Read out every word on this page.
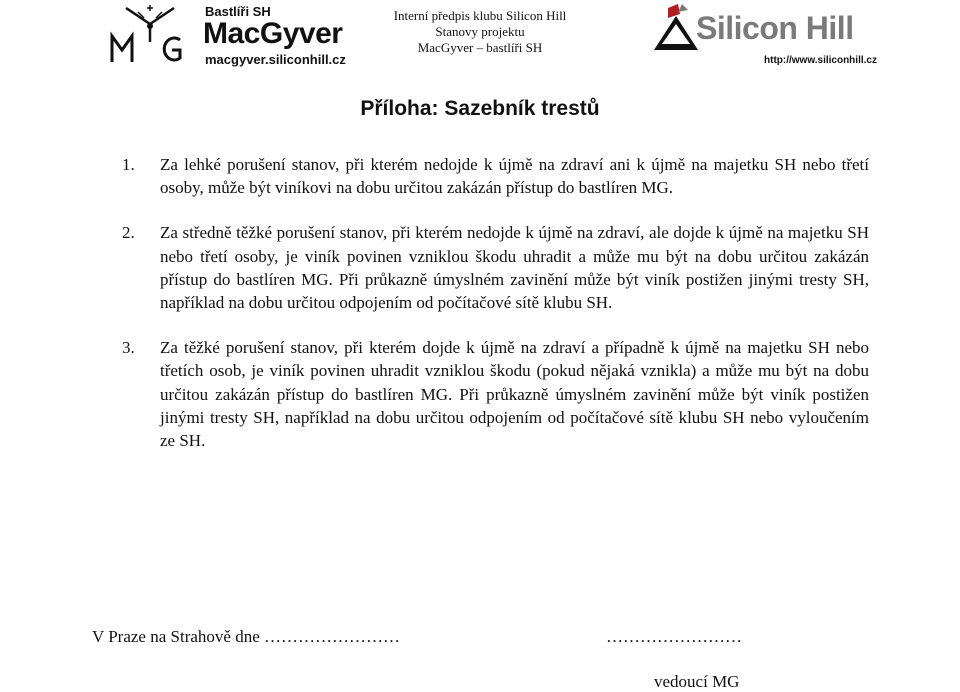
Bastlíři SH
MacGyver
macgyver.siliconhill.cz
Interní předpis klubu Silicon Hill
Stanovy projektu
MacGyver – bastlíři SH
Silicon Hill
http://www.siliconhill.cz
Příloha: Sazebník trestů
1. Za lehké porušení stanov, při kterém nedojde k újmě na zdraví ani k újmě na majetku SH nebo třetí osoby, může být viníkovi na dobu určitou zakázán přístup do bastlíren MG.
2. Za středně těžké porušení stanov, při kterém nedojde k újmě na zdraví, ale dojde k újmě na majetku SH nebo třetí osoby, je viník povinen vzniklou škodu uhradit a může mu být na dobu určitou zakázán přístup do bastlíren MG. Při průkazně úmyslném zavinění může být viník postižen jinými tresty SH, například na dobu určitou odpojením od počítačové sítě klubu SH.
3. Za těžké porušení stanov, při kterém dojde k újmě na zdraví a případně k újmě na majetku SH nebo třetích osob, je viník povinen uhradit vzniklou škodu (pokud nějaká vznikla) a může mu být na dobu určitou zakázán přístup do bastlíren MG. Při průkazně úmyslném zavinění může být viník postižen jinými tresty SH, například na dobu určitou odpojením od počítačové sítě klubu SH nebo vyloučením ze SH.
V Praze na Strahově dne ……………………	……………………
vedoucí MG
